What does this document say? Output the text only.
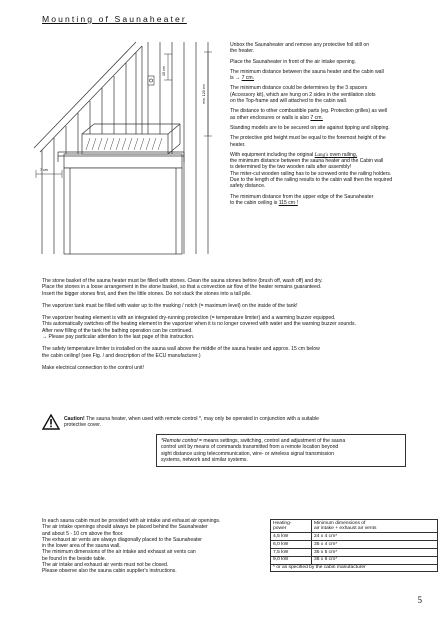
Mounting of Saunaheater
15 cm
min. 120 cm
7 cm
Unbox the Saunaheater and remove any protective foil still on
the heater.
Place the Saunaheater in front of the air intake opening.
The minimum distance between the sauna heater and the cabin wall
is → 7 cm.
The minimum distance could be determines by the 3 spacers
(Accessory kit), which are hung on 2 sides in the ventilation slots
on the Top-frame and will attached to the cabin wall.
The distance to other combustible parts (eg. Protection grilles) as well
as other enclosures or walls is also 7 cm.
Standing models are to be secured on site against tipping and slipping.
The protective grid height must be equal to the foremost height of the
heater.
With equipment including the original Lang's oven railing,
the minimum distance between the sauna heater and the Cabin wall
is determined by the two wooden rails after assembly!
The miter-cut wooden railing has to be screwed onto the railing holders.
Due to the length of the railing results to the cabin wall then the required
safety distance.
The minimum distance from the upper edge of the Saunaheater
to the cabin ceiling is 115 cm !
The stone basket of the sauna heater must be filled with stones. Clean the sauna stones before (brush off, wash off) and dry.
Place the stones in a loose arrangement in the stone basket, so that a convection air flow of the heater remains guaranteed.
Insert the bigger stones first, and then the little stones. Do not stack the stones into a tall pile.
The vaporizer tank must be filled with water up to the marking / notch (= maximum level) on the inside of the tank!
The vaporizer heating element is with an integrated dry-running protection (= temperature limiter) and a warming buzzer equipped.
This automatically switches off the heating element in the vaporizer when it is no longer covered with water and the warning buzzer sounds.
After new filling of the tank the bathing operation can be continued.
→ Please pay particular attention to the last page of this instruction.
The safety temperature limiter is installed on the sauna wall above the middle of the sauna heater and approx. 15 cm below
the cabin ceiling! (see Fig. / and description of the ECU manufacturer.)
Make electrical connection to the control unit!
Caution! The sauna heater, when used with remote control *, may only be operated in conjunction with a suitable
protective cover.
*Remote control = means settings, switching, control and adjustment of the sauna
control unit by means of commands transmitted from a remote location beyond
sight distance using telecommunication, wire- or wireless signal transmission
systems, network and similar systems.
In each sauna cabin must be provided with air intake and exhaust air openings.
The air intake openings should always be placed behind the Saunaheater
and about 5 - 10 cm above the floor.
The exhaust air vents are always diagonally placed to the Saunaheater
in the lower area of the sauna wall.
The minimum dimensions of the air intake and exhaust air vents can
be found in the beside table.
The air intake and exhaust air vents must not be closed.
Please observe also the sauna cabin supplier's instructions.
Heating-
power	Minimum dimensions of
air intake + exhaust air vents
4,5 kW	24 x 4 cm*
6,0 kW	35 x 4 cm*
7,5 kW	35 x 5 cm*
9,0 kW	38 x 6 cm*
* or as specified by the cabin manufacturer	
5
